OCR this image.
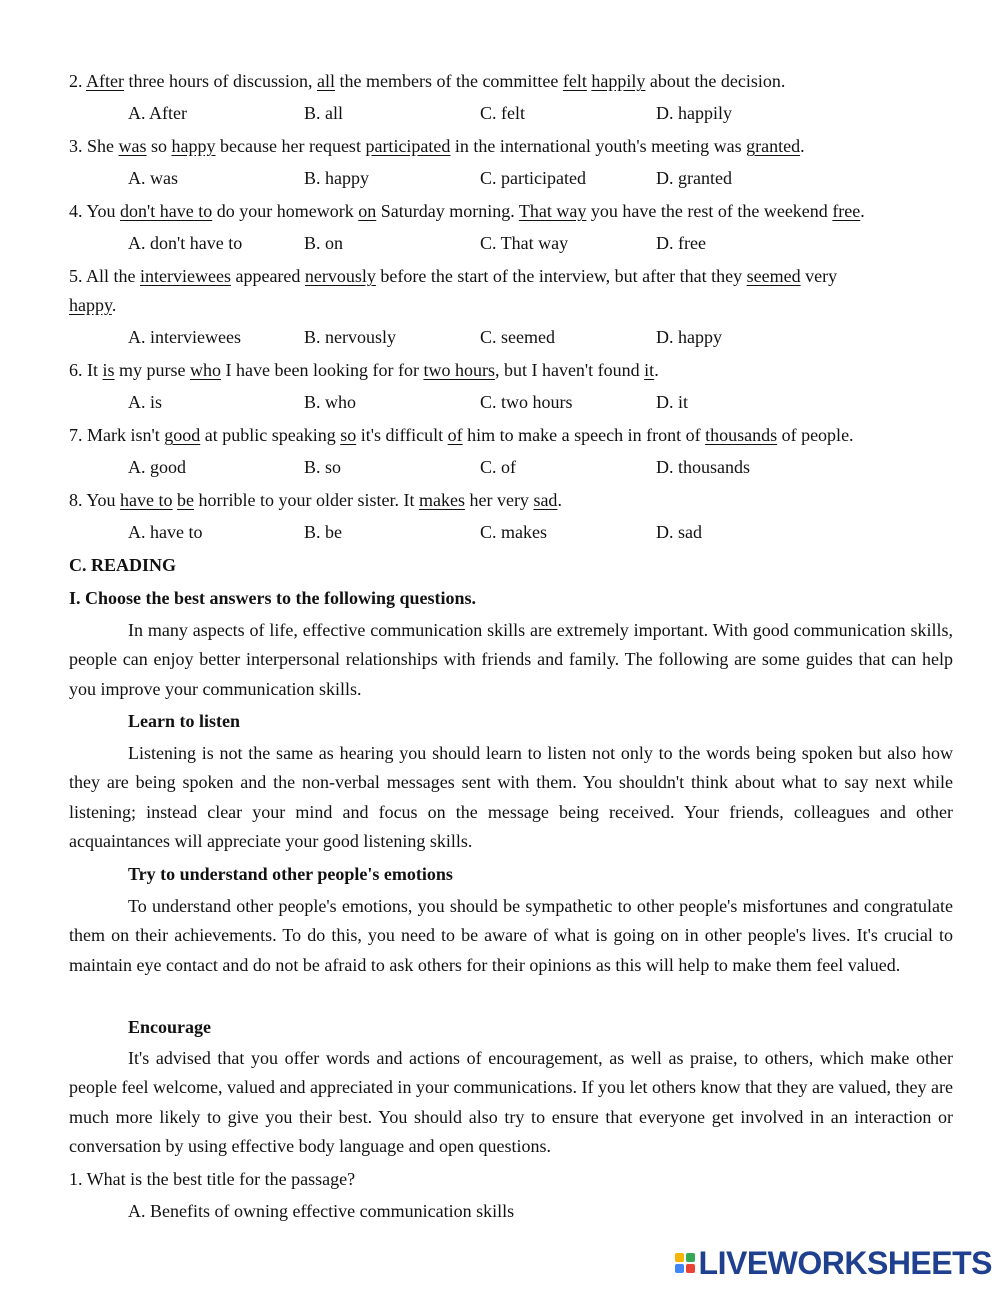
2. After three hours of discussion, all the members of the committee felt happily about the decision.
A. After	B. all	C. felt	D. happily
3. She was so happy because her request participated in the international youth's meeting was granted.
A. was	B. happy	C. participated	D. granted
4. You don't have to do your homework on Saturday morning. That way you have the rest of the weekend free.
A. don't have to	B. on	C. That way	D. free
5. All the interviewees appeared nervously before the start of the interview, but after that they seemed very
happy.
A. interviewees	B. nervously	C. seemed	D. happy
6. It is my purse who I have been looking for for two hours, but I haven't found it.
A. is	B. who	C. two hours	D. it
7. Mark isn't good at public speaking so it's difficult of him to make a speech in front of thousands of people.
A. good	B. so	C. of	D. thousands
8. You have to be horrible to your older sister. It makes her very sad.
A. have to	B. be	C. makes	D. sad
C. READING
I. Choose the best answers to the following questions.
In many aspects of life, effective communication skills are extremely important. With good communication skills, people can enjoy better interpersonal relationships with friends and family. The following are some guides that can help you improve your communication skills.
Learn to listen
Listening is not the same as hearing you should learn to listen not only to the words being spoken but also how they are being spoken and the non-verbal messages sent with them. You shouldn't think about what to say next while listening; instead clear your mind and focus on the message being received. Your friends, colleagues and other acquaintances will appreciate your good listening skills.
Try to understand other people's emotions
To understand other people's emotions, you should be sympathetic to other people's misfortunes and congratulate them on their achievements. To do this, you need to be aware of what is going on in other people's lives. It's crucial to maintain eye contact and do not be afraid to ask others for their opinions as this will help to make them feel valued.
Encourage
It's advised that you offer words and actions of encouragement, as well as praise, to others, which make other people feel welcome, valued and appreciated in your communications. If you let others know that they are valued, they are much more likely to give you their best. You should also try to ensure that everyone get involved in an interaction or conversation by using effective body language and open questions.
1. What is the best title for the passage?
A. Benefits of owning effective communication skills
LIVEWORKSHEETS
